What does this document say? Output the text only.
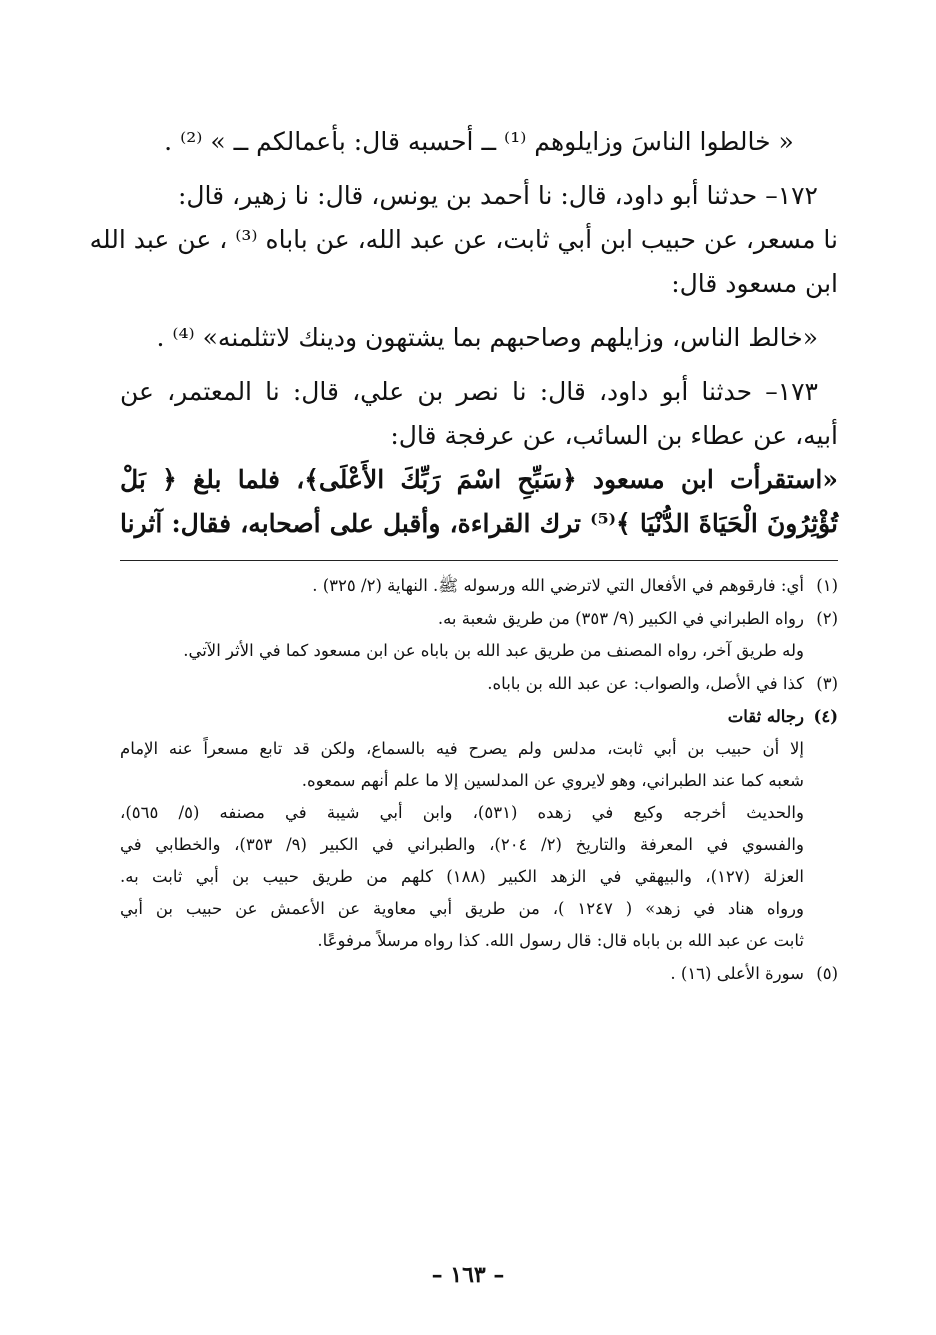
« خالطوا الناسَ وزايلوهم ⁽¹⁾ ــ أحسبه قال: بأعمالكم ــ » ⁽²⁾ .
١٧٢– حدثنا أبو داود، قال: نا أحمد بن يونس، قال: نا زهير، قال:
نا مسعر، عن حبيب ابن أبي ثابت، عن عبد الله، عن باباه ⁽³⁾ ، عن عبد الله
ابن مسعود قال:
«خالط الناس، وزايلهم وصاحبهم بما يشتهون ودينك لاتثلمنه» ⁽⁴⁾ .
١٧٣– حدثنا أبو داود، قال: نا نصر بن علي، قال: نا المعتمر، عن
أبيه، عن عطاء بن السائب، عن عرفجة قال:
«استقرأت ابن مسعود ﴿سَبِّحِ اسْمَ رَبِّكَ الأَعْلَى﴾، فلما بلغ ﴿ بَلْ
تُؤْثِرُونَ الْحَيَاةَ الدُّنْيَا ﴾⁽⁵⁾ ترك القراءة، وأقبل على أصحابه، فقال: آثرنا
(١)أي: فارقوهم في الأفعال التي لاترضي الله ورسوله ﷺ. النهاية (٢/ ٣٢٥) .
(٢)رواه الطبراني في الكبير (٩/ ٣٥٣) من طريق شعبة به.
وله طريق آخر، رواه المصنف من طريق عبد الله بن باباه عن ابن مسعود كما في الأثر الآتي.
(٣)كذا في الأصل، والصواب: عن عبد الله بن باباه.
(٤)رجاله ثقات
إلا أن حبيب بن أبي ثابت، مدلس ولم يصرح فيه بالسماع، ولكن قد تابع مسعراً عنه الإمام
شعبه كما عند الطبراني، وهو لايروي عن المدلسين إلا ما علم أنهم سمعوه.
والحديث أخرجه وكيع في زهده (٥٣١)، وابن أبي شيبة في مصنفه (٥/ ٥٦٥)،
والفسوي في المعرفة والتاريخ (٢/ ٢٠٤)، والطبراني في الكبير (٩/ ٣٥٣)، والخطابي في
العزلة (١٢٧)، والبيهقي في الزهد الكبير (١٨٨) كلهم من طريق حبيب بن أبي ثابت به.
ورواه هناد في زهد» ( ١٢٤٧ )، من طريق أبي معاوية عن الأعمش عن حبيب بن أبي
ثابت عن عبد الله بن باباه قال: قال رسول الله. كذا رواه مرسلاً مرفوعًا.
(٥)سورة الأعلى (١٦) .
– ١٦٣ –
